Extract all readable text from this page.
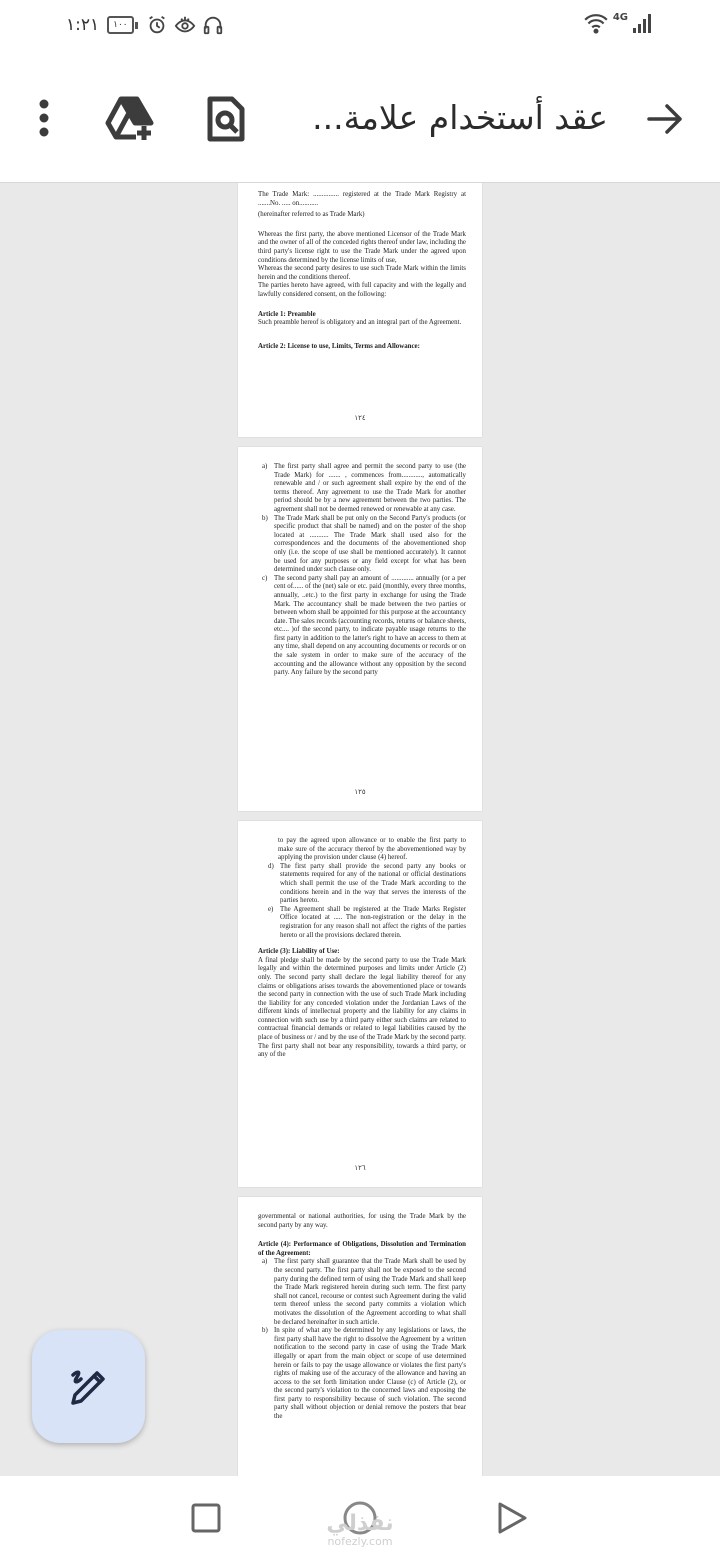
١:٢١	١٠٠
4G
عقد أستخدام علامة...

The Trade Mark: ............... registered at the Trade Mark Registry at .......No. ..... on...........

(hereinafter referred to as Trade Mark)

Whereas the first party, the above mentioned Licensor of the Trade Mark and the owner of all of the conceded rights thereof under law, including the third party's license right to use the Trade Mark under the agreed upon conditions determined by the license limits of use,

Whereas the second party desires to use such Trade Mark within the limits herein and the conditions thereof.

The parties hereto have agreed, with full capacity and with the legally and lawfully considered consent, on the following:

Article 1: Preamble

Such preamble hereof is obligatory and an integral part of the Agreement.

Article 2: License to use, Limits, Terms and Allowance:

١٢٤
a) The first party shall agree and permit the second party to use (the Trade Mark) for ....... , commences from............, automatically renewable and / or such agreement shall expire by the end of the terms thereof. Any agreement to use the Trade Mark for another period should be by a new agreement between the two parties. The agreement shall not be deemed renewed or renewable at any case.
b) The Trade Mark shall be put only on the Second Party's products (or specific product that shall be named) and on the poster of the shop located at ........... The Trade Mark shall used also for the correspondences and the documents of the abovementioned shop only (i.e. the scope of use shall be mentioned accurately). It cannot be used for any purposes or any field except for what has been determined under such clause only.
c) The second party shall pay an amount of ............. annually (or a per cent of...... of the (net) sale or etc. paid (monthly, every three months, annually, ..etc.) to the first party in exchange for using the Trade Mark. The accountancy shall be made between the two parties or between whom shall be appointed for this purpose at the accountancy date. The sales records (accounting records, returns or balance sheets, etc.... )of the second party, to indicate payable usage returns to the first party in addition to the latter's right to have an access to them at any time, shall depend on any accounting documents or records or on the sale system in order to make sure of the accuracy of the accounting and the allowance without any opposition by the second party. Any failure by the second party
١٢٥

to pay the agreed upon allowance or to enable the first party to make sure of the accuracy thereof by the abovementioned way by applying the provision under clause (4) hereof.

d) The first party shall provide the second party any books or statements required for any of the national or official destinations which shall permit the use of the Trade Mark according to the conditions herein and in the way that serves the interests of the parties hereto.
e) The Agreement shall be registered at the Trade Marks Register Office located at ..... The non-registration or the delay in the registration for any reason shall not affect the rights of the parties hereto or all the provisions declared therein.

Article (3): Liability of Use:

A final pledge shall be made by the second party to use the Trade Mark legally and within the determined purposes and limits under Article (2) only. The second party shall declare the legal liability thereof for any claims or obligations arises towards the abovementioned place or towards the second party in connection with the use of such Trade Mark including the liability for any conceded violation under the Jordanian Laws of the different kinds of intellectual property and the liability for any claims in connection with such use by a third party either such claims are related to contractual financial demands or related to legal liabilities caused by the place of business or / and by the use of the Trade Mark by the second party. The first party shall not bear any responsibility, towards a third party, or any of the

١٢٦

governmental or national authorities, for using the Trade Mark by the second party by any way.

Article (4): Performance of Obligations, Dissolution and Termination of the Agreement:

a) The first party shall guarantee that the Trade Mark shall be used by the second party. The first party shall not be exposed to the second party during the defined term of using the Trade Mark and shall keep the Trade Mark registered herein during such term. The first party shall not cancel, recourse or contest such Agreement during the valid term thereof unless the second party commits a violation which motivates the dissolution of the Agreement according to what shall be declared hereinafter in such article.
b) In spite of what any be determined by any legislations or laws, the first party shall have the right to dissolve the Agreement by a written notification to the second party in case of using the Trade Mark illegally or apart from the main object or scope of use determined herein or fails to pay the usage allowance or violates the first party's rights of making use of the accuracy of the allowance and having an access to the set forth limitation under Clause (c) of Article (2), or the second party's violation to the concerned laws and exposing the first party to responsibility because of such violation. The second party shall without objection or denial remove the posters that bear the
نفذلي
nofezly.com
